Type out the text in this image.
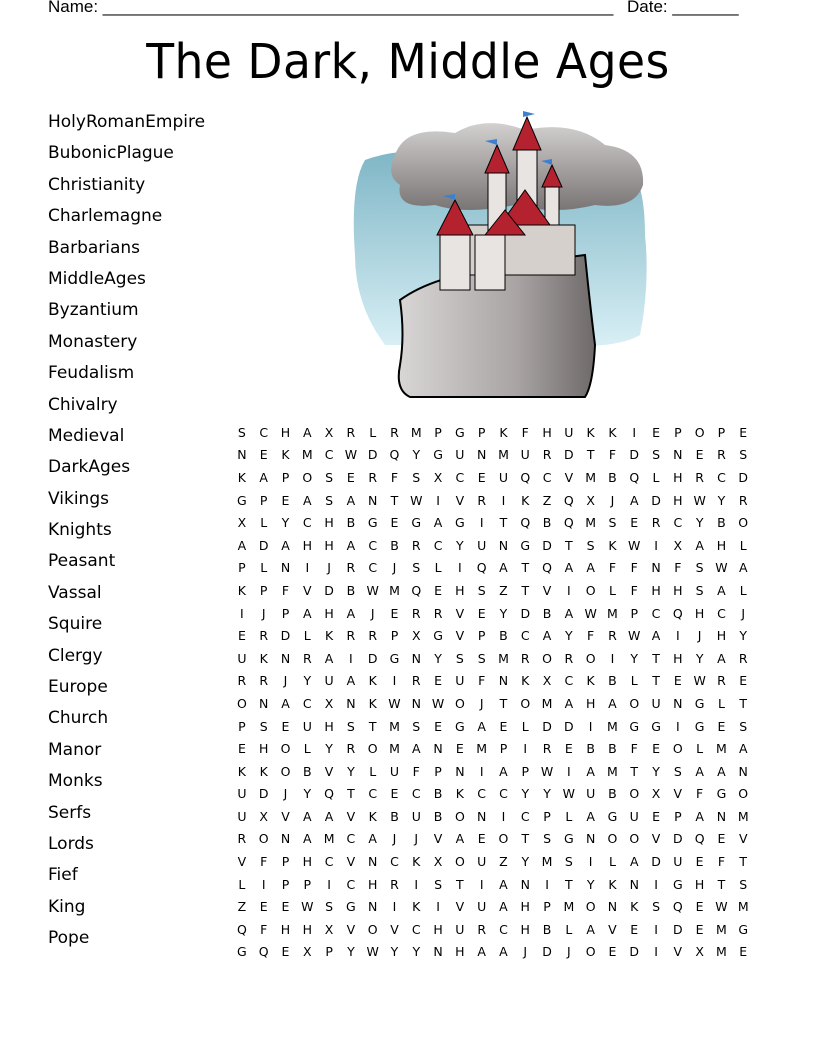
Name: ______________________________________________________ Date: _______
The Dark, Middle Ages
HolyRomanEmpire
BubonicPlague
Christianity
Charlemagne
Barbarians
MiddleAges
Byzantium
Monastery
Feudalism
Chivalry
Medieval
DarkAges
Vikings
Knights
Peasant
Vassal
Squire
Clergy
Europe
Church
Manor
Monks
Serfs
Lords
Fief
King
Pope
S	C	H	A	X	R	L	R M	P	G	P	K	F	H	U	K	K	I	E	P	O	P	E
N	E	K M C W D Q	Y	G U	N M U	R	D	T	F	D	S	N	E	R	S
K	A	P	O	S	E	R	F	S	X	C	E	U Q	C	V M B	Q	L	H	R	C	D
G	P	E	A	S	A	N	T W	I	V	R	I	K	Z	Q	X	J	A	D H W Y	R
X	L	Y	C	H	B	G	E	G	A	G	I	T	Q	B	Q M S	E	R	C	Y	B	O
A	D	A	H H	A	C	B	R	C	Y	U	N G D	T	S	K W	I	X	A	H	L
P	L	N	I	J	R	C	J	S	L	I	Q	A	T	Q	A	A	F	F	N	F	S W A
K	P	F	V	D	B W M Q	E	H	S	Z	T	V	I	O	L	F	H H	S	A	L
I	J	P	A	H	A	J	E	R	R	V	E	Y	D	B	A W M	P	C	Q H	C	J
E	R	D	L	K	R	R	P	X	G	V	P	B	C	A	Y	F	R W A	I	J	H	Y
U	K	N	R	A	I	D G N	Y	S	S M R	O	R	O	I	Y	T	H	Y	A	R
R	R	J	Y	U	A	K	I	R	E	U	F	N	K	X	C	K	B	L	T	E W R	E
O N	A	C	X	N	K W N W O	J	T	O M A	H	A	O U	N G	L	T
P	S	E	U	H	S	T	M S	E	G	A	E	L	D D	I	M G G	I	G	E	S
E	H O	L	Y	R	O M A	N	E M	P	I	R	E	B	B	F	E	O	L	M A
K	K	O	B	V	Y	L	U	F	P	N	I	A	P W	I	A M	T	Y	S	A	A	N
U D	J	Y	Q	T	C	E	C	B	K	C	C	Y	Y W U	B	O	X	V	F	G O
U	X	V	A	A	V	K	B	U	B	O N	I	C	P	L	A	G U	E	P	A	N M
R	O N	A M C	A	J	J	V	A	E	O	T	S	G N O O	V	D Q	E	V
V	F	P	H	C	V	N	C	K	X	O U	Z	Y	M S	I	L	A	D U	E	F	T
L	I	P	P	I	C	H	R	I	S	T	I	A	N	I	T	Y	K	N	I	G H	T	S
Z	E	E W S	G N	I	K	I	V	U	A	H	P	M O N	K	S	Q	E W M
Q	F	H H	X	V	O	V	C	H	U	R	C	H	B	L	A	V	E	I	D	E M G
G Q	E	X	P	Y W Y	Y	N H	A	A	J	D	J	O	E	D	I	V	X M E
